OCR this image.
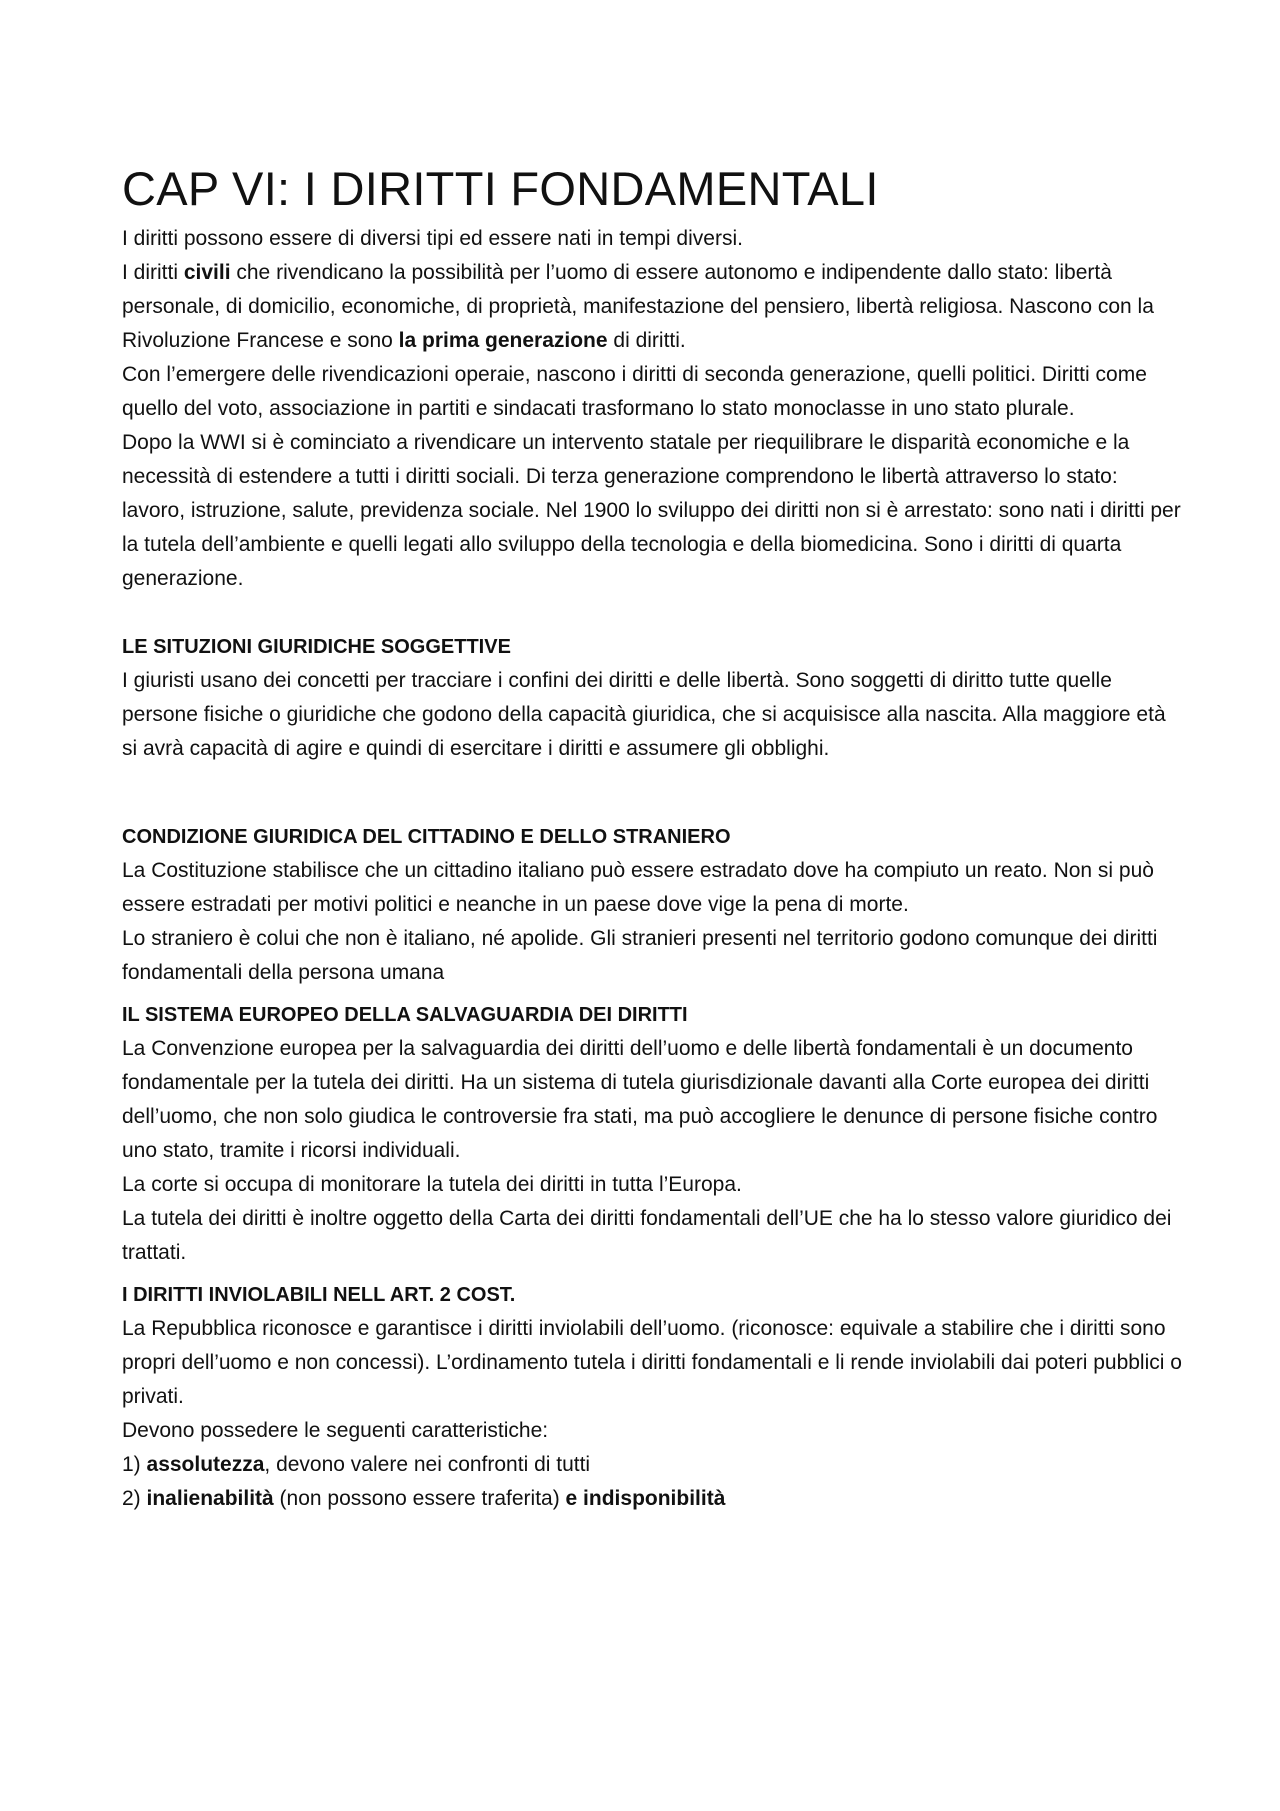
CAP VI: I DIRITTI FONDAMENTALI

I diritti possono essere di diversi tipi ed essere nati in tempi diversi.

I diritti civili che rivendicano la possibilità per l’uomo di essere autonomo e indipendente dallo stato: libertà personale, di domicilio, economiche, di proprietà, manifestazione del pensiero, libertà religiosa. Nascono con la Rivoluzione Francese e sono la prima generazione di diritti.

Con l’emergere delle rivendicazioni operaie, nascono i diritti di seconda generazione, quelli politici. Diritti come quello del voto, associazione in partiti e sindacati trasformano lo stato monoclasse in uno stato plurale.

Dopo la WWI si è cominciato a rivendicare un intervento statale per riequilibrare le disparità economiche e la necessità di estendere a tutti i diritti sociali. Di terza generazione comprendono le libertà attraverso lo stato: lavoro, istruzione, salute, previdenza sociale. Nel 1900 lo sviluppo dei diritti non si è arrestato: sono nati i diritti per la tutela dell’ambiente e quelli legati allo sviluppo della tecnologia e della biomedicina. Sono i diritti di quarta generazione.

LE SITUZIONI GIURIDICHE SOGGETTIVE

I giuristi usano dei concetti per tracciare i confini dei diritti e delle libertà. Sono soggetti di diritto tutte quelle persone fisiche o giuridiche che godono della capacità giuridica, che si acquisisce alla nascita. Alla maggiore età si avrà capacità di agire e quindi di esercitare i diritti e assumere gli obblighi.

CONDIZIONE GIURIDICA DEL CITTADINO E DELLO STRANIERO

La Costituzione stabilisce che un cittadino italiano può essere estradato dove ha compiuto un reato. Non si può essere estradati per motivi politici e neanche in un paese dove vige la pena di morte.

Lo straniero è colui che non è italiano, né apolide. Gli stranieri presenti nel territorio godono comunque dei diritti fondamentali della persona umana

IL SISTEMA EUROPEO DELLA SALVAGUARDIA DEI DIRITTI

La Convenzione europea per la salvaguardia dei diritti dell’uomo e delle libertà fondamentali è un documento fondamentale per la tutela dei diritti. Ha un sistema di tutela giurisdizionale davanti alla Corte europea dei diritti dell’uomo, che non solo giudica le controversie fra stati, ma può accogliere le denunce di persone fisiche contro uno stato, tramite i ricorsi individuali.

La corte si occupa di monitorare la tutela dei diritti in tutta l’Europa.

La tutela dei diritti è inoltre oggetto della Carta dei diritti fondamentali dell’UE che ha lo stesso valore giuridico dei trattati.

I DIRITTI INVIOLABILI NELL ART. 2 COST.

La Repubblica riconosce e garantisce i diritti inviolabili dell’uomo. (riconosce: equivale a stabilire che i diritti sono propri dell’uomo e non concessi). L’ordinamento tutela i diritti fondamentali e li rende inviolabili dai poteri pubblici o privati.

Devono possedere le seguenti caratteristiche:

1) assolutezza, devono valere nei confronti di tutti

2) inalienabilità (non possono essere traferita) e indisponibilità
